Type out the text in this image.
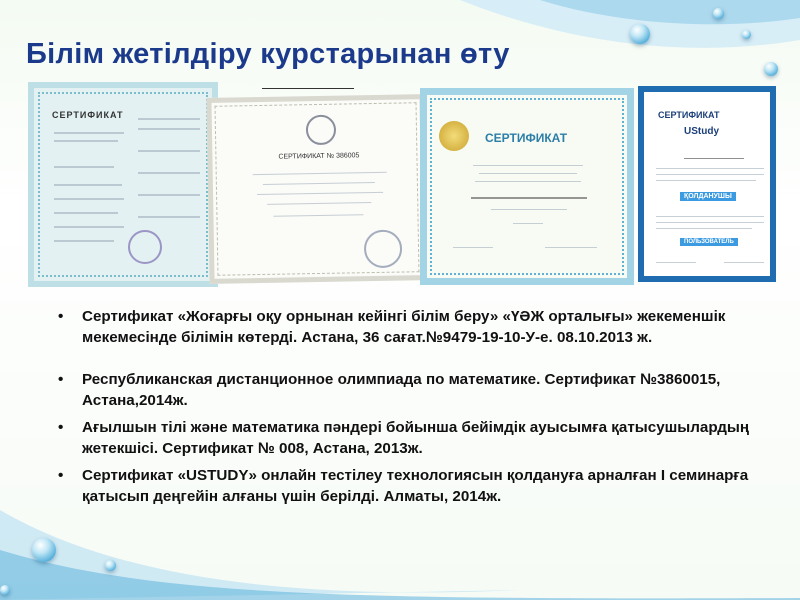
Білім жетілдіру курстарынан өту
СЕРТИФИКАТ
СЕРТИФИКАТ № 386005
СЕРТИФИКАТ
СЕРТИФИКАТ
UStudy
ҚОЛДАНУШЫ
ПОЛЬЗОВАТЕЛЬ
• Сертификат «Жоғарғы оқу орнынан кейінгі білім беру» «ҮӘЖ орталығы» жекеменшік мекемесінде білімін көтерді. Астана, 36 сағат.№9479-19-10-У-е. 08.10.2013 ж.
• Республиканская дистанционное олимпиада по математике. Сертификат №3860015, Астана,2014ж.
• Ағылшын тілі және математика пәндері бойынша бейімдік ауысымға қатысушылардың жетекшісі. Сертификат № 008, Астана, 2013ж.
• Сертификат «USTUDY» онлайн тестілеу технологиясын қолдануға арналған I семинарға қатысып деңгейін алғаны үшін берілді. Алматы, 2014ж.
